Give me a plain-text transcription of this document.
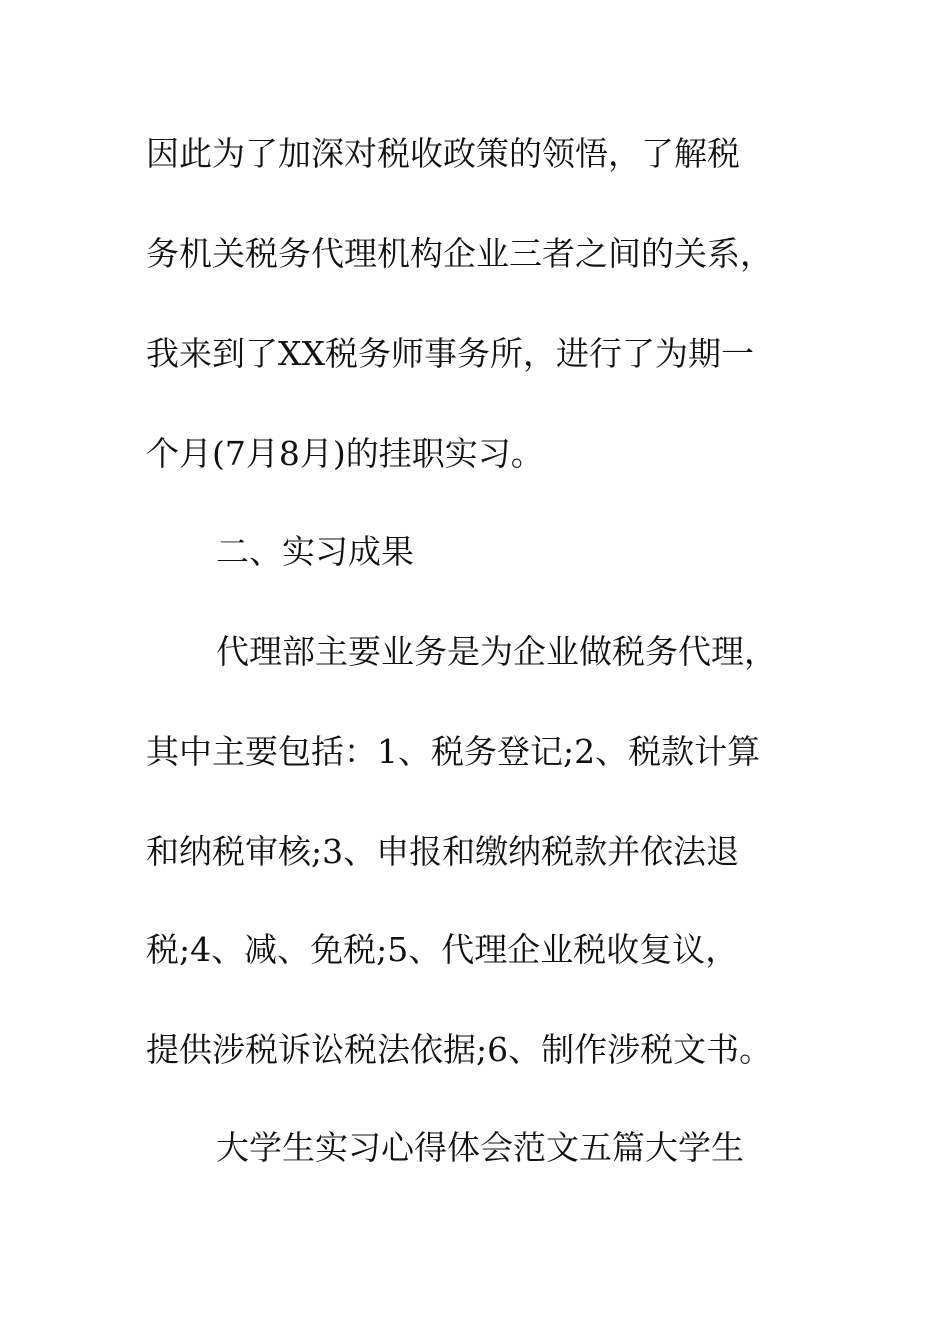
因此为了加深对税收政策的领悟，了解税
务机关税务代理机构企业三者之间的关系，
我来到了XX税务师事务所，进行了为期一
个月(7月8月)的挂职实习。
二、实习成果
代理部主要业务是为企业做税务代理，
其中主要包括：1、税务登记;2、税款计算
和纳税审核;3、申报和缴纳税款并依法退
税;4、减、免税;5、代理企业税收复议，
提供涉税诉讼税法依据;6、制作涉税文书。
大学生实习心得体会范文五篇大学生
